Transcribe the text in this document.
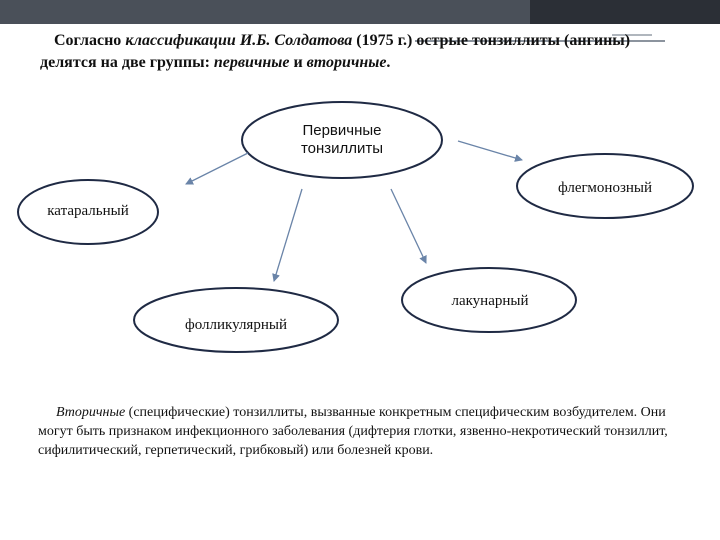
Согласно классификации И.Б. Солдатова (1975 г.) острые тонзиллиты (ангины) делятся на две группы: первичные и вторичные.

Первичные
тонзиллиты
флегмонозный
катаральный
лакунарный
фолликулярный

Вторичные (специфические) тонзиллиты, вызванные конкретным специфическим возбудителем. Они могут быть признаком инфекционного заболевания (дифтерия глотки, язвенно-некротический тонзиллит, сифилитический, герпетический, грибковый) или болезней крови.
